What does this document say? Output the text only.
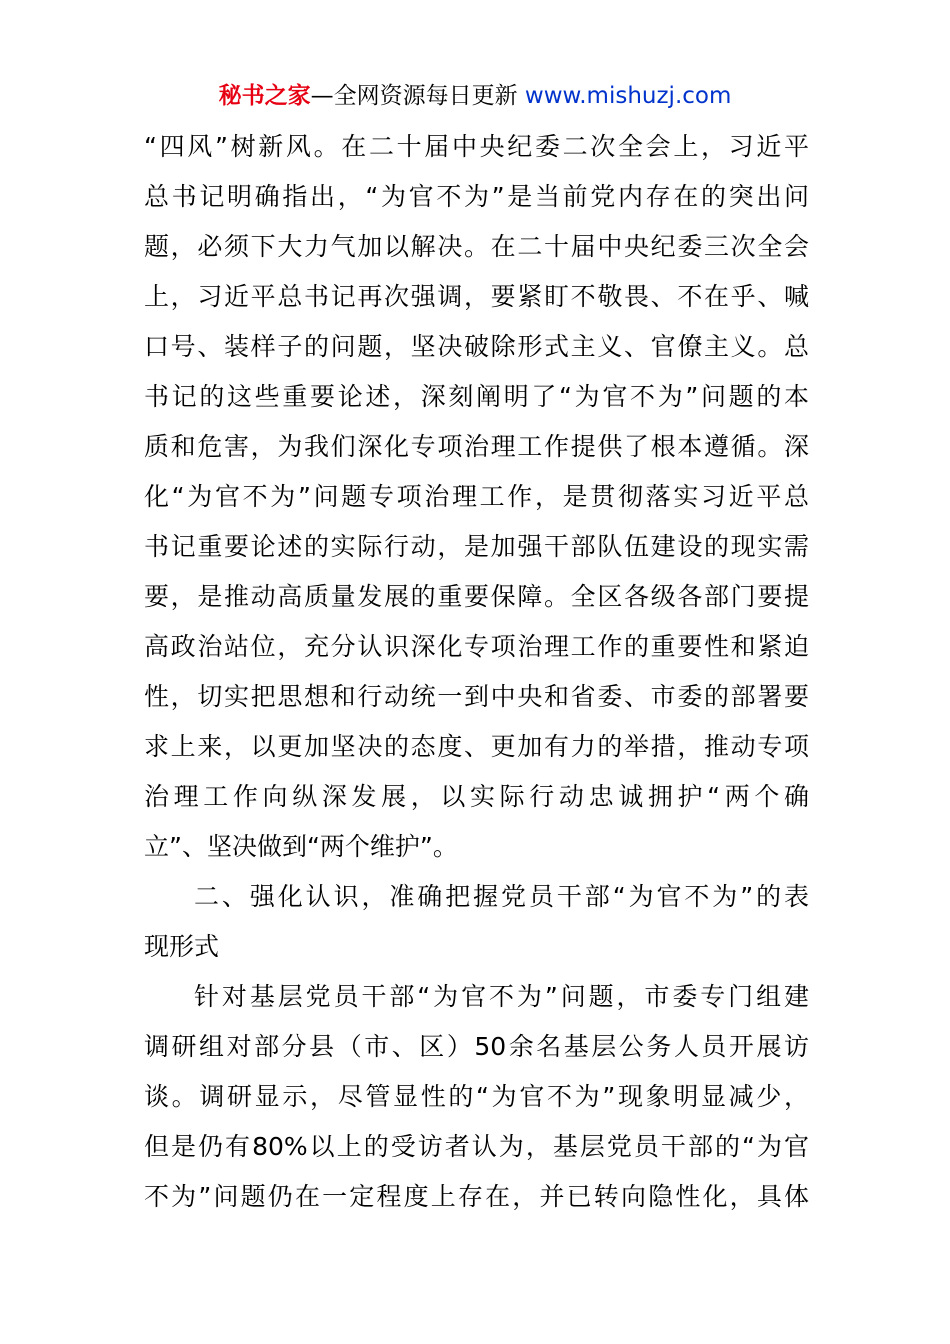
秘书之家—全网资源每日更新 www.mishuzj.com
“四风”树新风。在二十届中央纪委二次全会上，习近平
总书记明确指出，“为官不为”是当前党内存在的突出问
题，必须下大力气加以解决。在二十届中央纪委三次全会
上，习近平总书记再次强调，要紧盯不敬畏、不在乎、喊
口号、装样子的问题，坚决破除形式主义、官僚主义。总
书记的这些重要论述，深刻阐明了“为官不为”问题的本
质和危害，为我们深化专项治理工作提供了根本遵循。深
化“为官不为”问题专项治理工作，是贯彻落实习近平总
书记重要论述的实际行动，是加强干部队伍建设的现实需
要，是推动高质量发展的重要保障。全区各级各部门要提
高政治站位，充分认识深化专项治理工作的重要性和紧迫
性，切实把思想和行动统一到中央和省委、市委的部署要
求上来，以更加坚决的态度、更加有力的举措，推动专项
治理工作向纵深发展，以实际行动忠诚拥护“两个确
立”、坚决做到“两个维护”。
二、强化认识，准确把握党员干部“为官不为”的表
现形式
针对基层党员干部“为官不为”问题，市委专门组建
调研组对部分县（市、区）50余名基层公务人员开展访
谈。调研显示，尽管显性的“为官不为”现象明显减少，
但是仍有80%以上的受访者认为，基层党员干部的“为官
不为”问题仍在一定程度上存在，并已转向隐性化，具体
